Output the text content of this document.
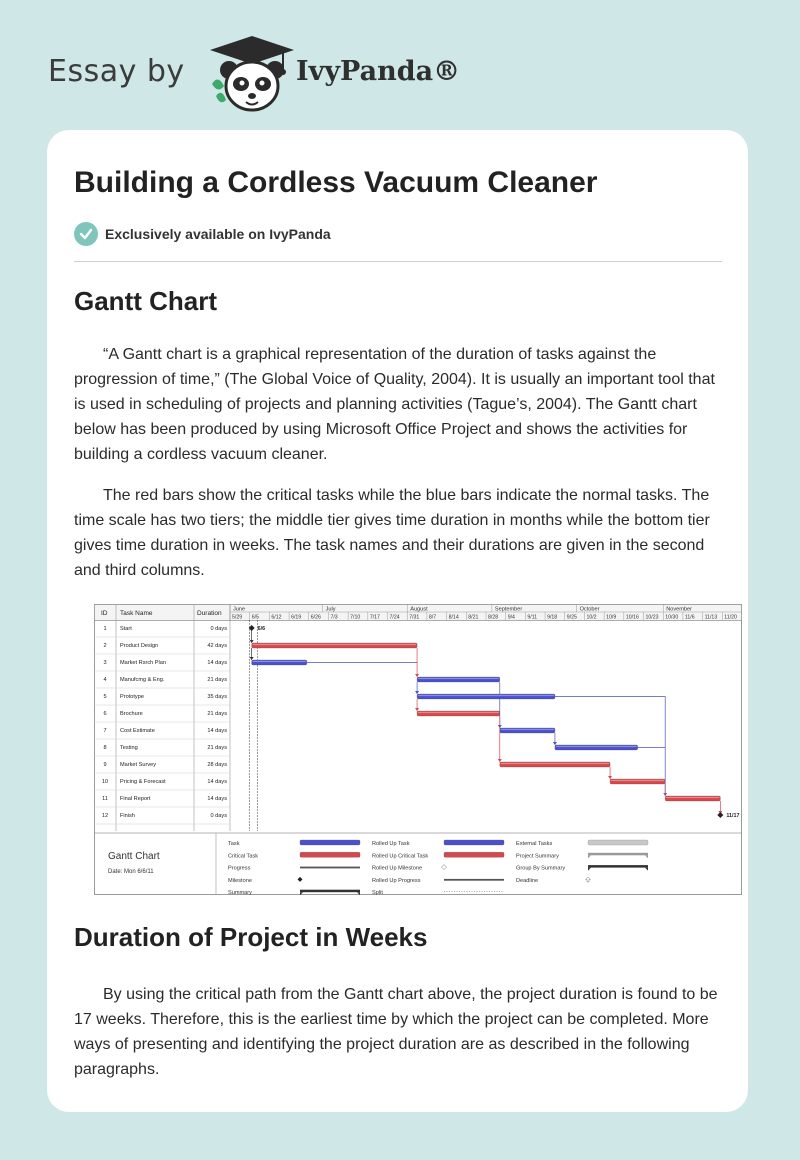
Essay by	IvyPanda®
Building a Cordless Vacuum Cleaner
Exclusively available on IvyPanda
Gantt Chart

“A Gantt chart is a graphical representation of the duration of tasks against the progression of time,” (The Global Voice of Quality, 2004). It is usually an important tool that is used in scheduling of projects and planning activities (Tague’s, 2004). The Gantt chart below has been produced by using Microsoft Office Project and shows the activities for building a cordless vacuum cleaner.

The red bars show the critical tasks while the blue bars indicate the normal tasks. The time scale has two tiers; the middle tier gives time duration in months while the bottom tier gives time duration in weeks. The task names and their durations are given in the second and third columns.

ID Task Name	Duration
5/29 6/5 6/12 6/19 6/26 7/3 7/10 7/17 7/24 7/31 8/7 8/14 8/21 8/28 9/4 9/11 9/18 9/25 10/2 10/9 10/16 10/23 10/30 11/6 11/13 11/20
June	July	August	September	October	November
1 Start	0 days
2 Product Design	42 days
3 Market Rsrch Plan	14 days
4 Manufcmg & Eng.	21 days
5 Prototype	35 days
6 Brochure	21 days
7 Cost Estimate	14 days
8 Testing	21 days
9 Market Survey	28 days
10 Pricing & Forecast	14 days
11 Final Report	14 days
12 Finish	0 days
6/6
11/17
Gantt Chart
Date: Mon 6/6/11
Task
Critical Task
Progress
Milestone
Summary
Rolled Up Task
Rolled Up Critical Task
Rolled Up Milestone
Rolled Up Progress
Split
External Tasks
Project Summary
Group By Summary
Deadline
Duration of Project in Weeks

By using the critical path from the Gantt chart above, the project duration is found to be 17 weeks. Therefore, this is the earliest time by which the project can be completed. More ways of presenting and identifying the project duration are as described in the following paragraphs.
